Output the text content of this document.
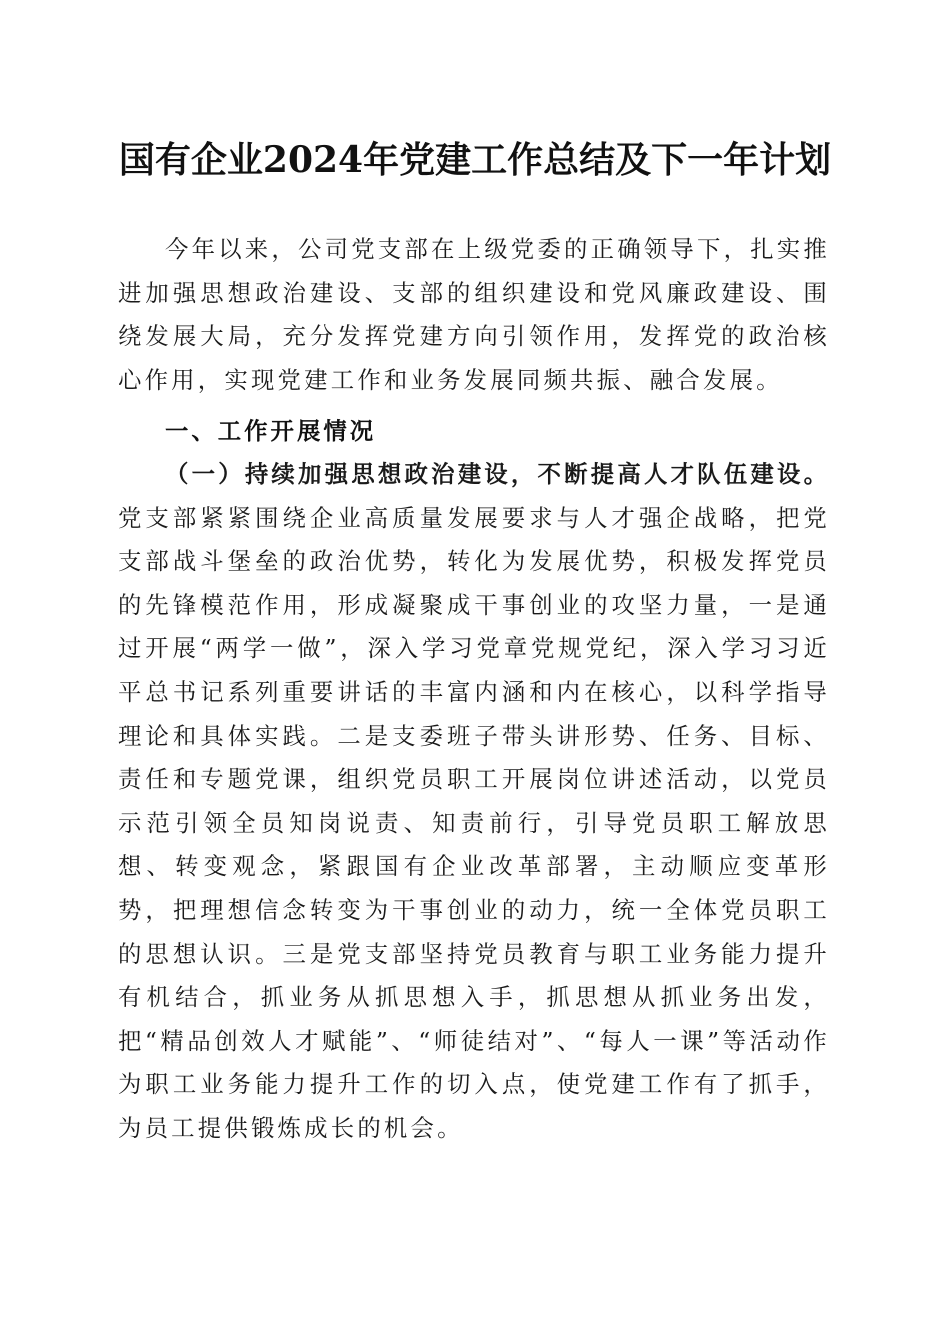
国有企业2024年党建工作总结及下一年计划
今年以来，公司党支部在上级党委的正确领导下，扎实推进加强思想政治建设、支部的组织建设和党风廉政建设、围绕发展大局，充分发挥党建方向引领作用，发挥党的政治核心作用，实现党建工作和业务发展同频共振、融合发展。
一、工作开展情况
（一）持续加强思想政治建设，不断提高人才队伍建设。党支部紧紧围绕企业高质量发展要求与人才强企战略，把党支部战斗堡垒的政治优势，转化为发展优势，积极发挥党员的先锋模范作用，形成凝聚成干事创业的攻坚力量，一是通过开展“两学一做”，深入学习党章党规党纪，深入学习习近平总书记系列重要讲话的丰富内涵和内在核心，以科学指导理论和具体实践。二是支委班子带头讲形势、任务、目标、责任和专题党课，组织党员职工开展岗位讲述活动，以党员示范引领全员知岗说责、知责前行，引导党员职工解放思想、转变观念，紧跟国有企业改革部署，主动顺应变革形势，把理想信念转变为干事创业的动力，统一全体党员职工的思想认识。三是党支部坚持党员教育与职工业务能力提升有机结合，抓业务从抓思想入手，抓思想从抓业务出发，把“精品创效人才赋能”、“师徒结对”、“每人一课”等活动作为职工业务能力提升工作的切入点，使党建工作有了抓手，为员工提供锻炼成长的机会。
